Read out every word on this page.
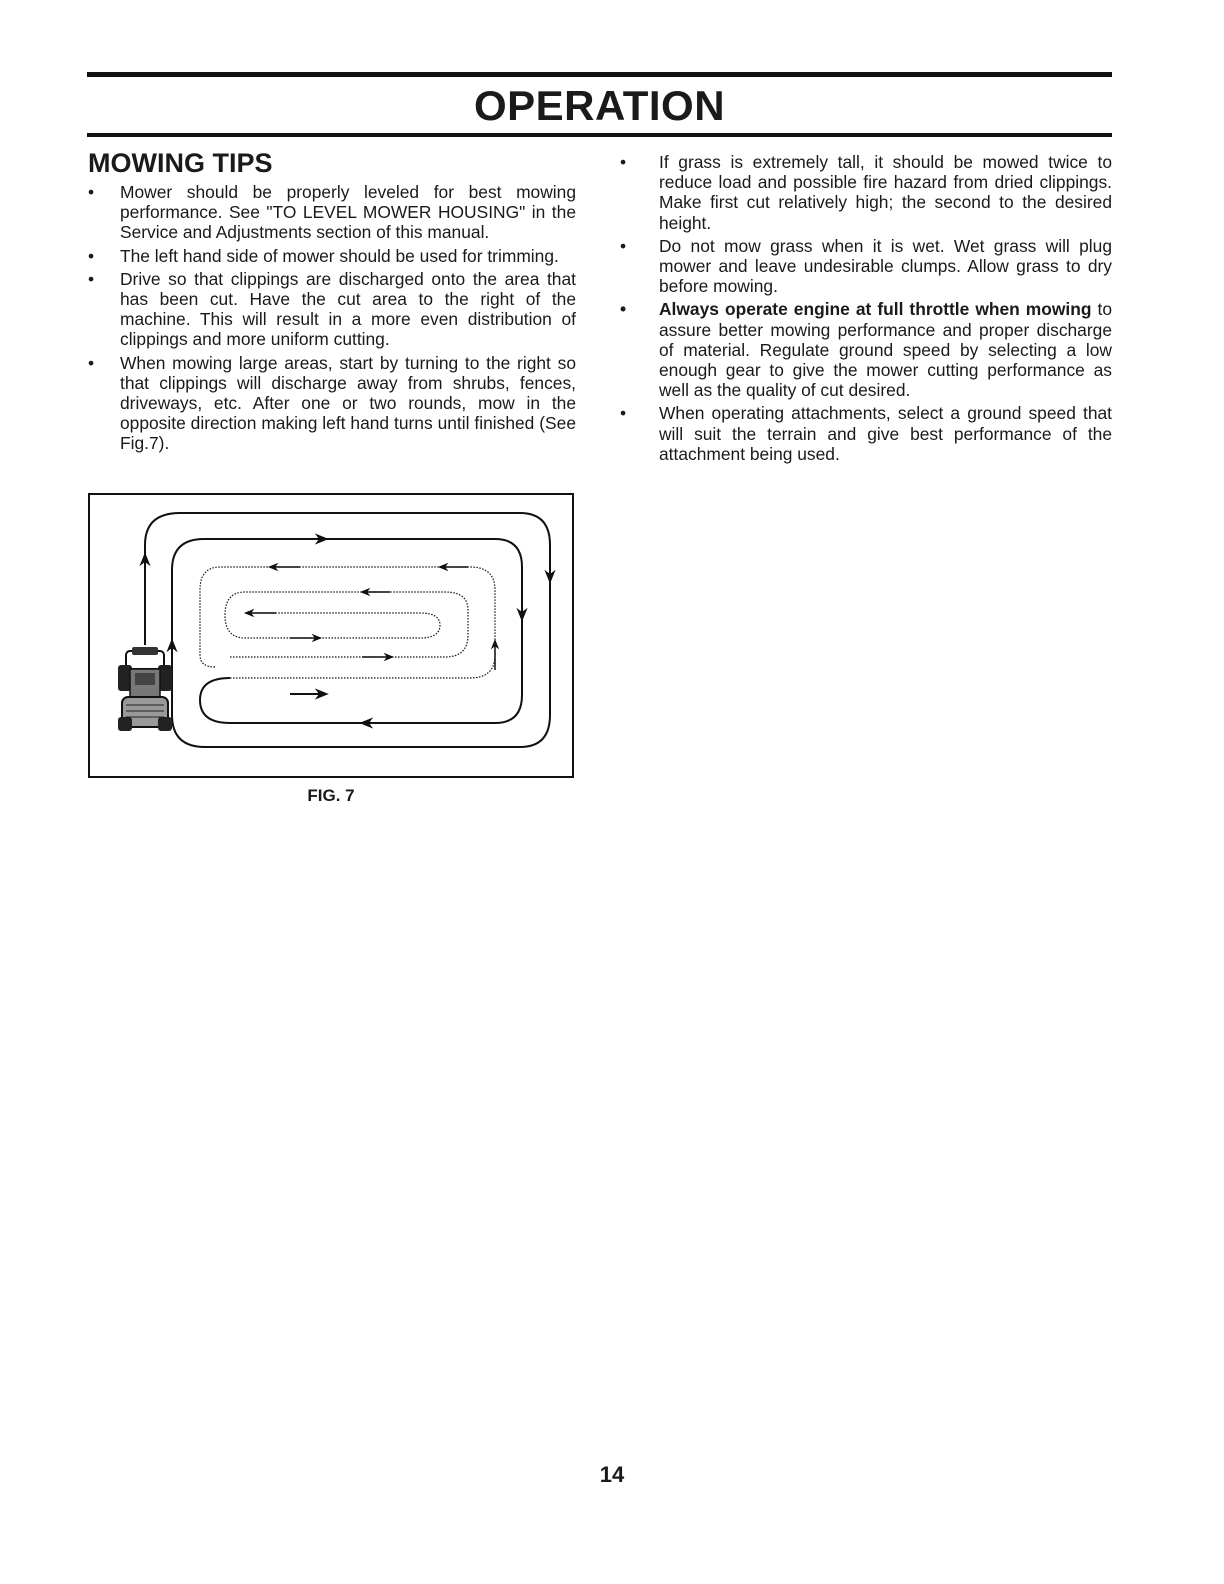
OPERATION
MOWING TIPS
• Mower should be properly leveled for best mowing performance. See "TO LEVEL MOWER HOUSING" in the Service and Adjustments section of this manual.
• The left hand side of mower should be used for trimming.
• Drive so that clippings are discharged onto the area that has been cut. Have the cut area to the right of the machine. This will result in a more even distribution of clippings and more uniform cutting.
• When mowing large areas, start by turning to the right so that clippings will discharge away from shrubs, fences, driveways, etc. After one or two rounds, mow in the opposite direction making left hand turns until finished (See Fig.7).
• If grass is extremely tall, it should be mowed twice to reduce load and possible fire hazard from dried clippings. Make first cut relatively high; the second to the desired height.
• Do not mow grass when it is wet. Wet grass will plug mower and leave undesirable clumps. Allow grass to dry before mowing.
• Always operate engine at full throttle when mowing to assure better mowing performance and proper discharge of material. Regulate ground speed by selecting a low enough gear to give the mower cutting performance as well as the quality of cut desired.
• When operating attachments, select a ground speed that will suit the terrain and give best performance of the attachment being used.
FIG. 7
14
